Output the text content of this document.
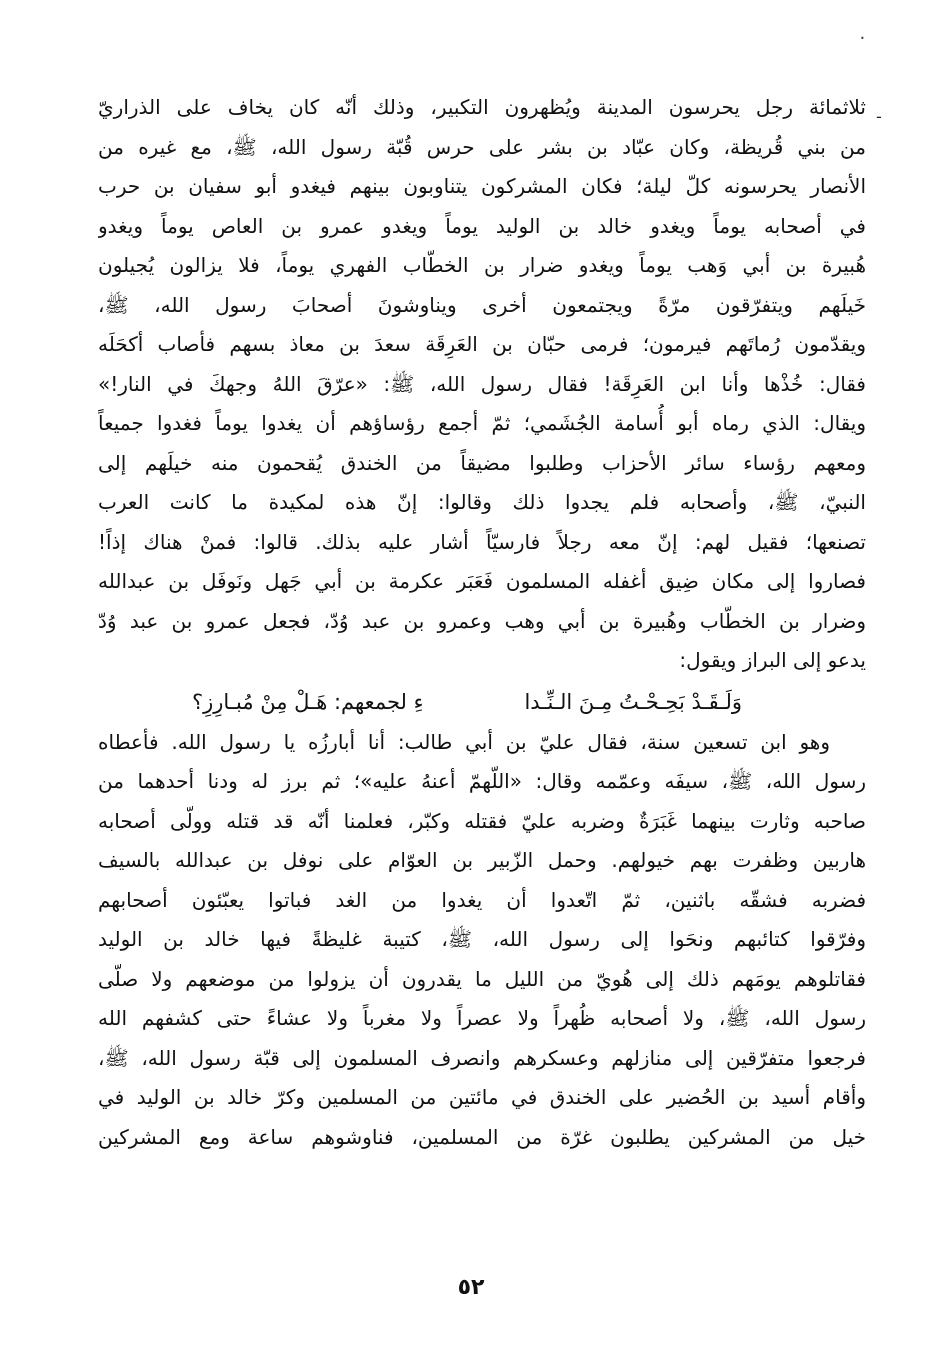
•
-
ثلاثمائة رجل يحرسون المدينة ويُظهرون التكبير، وذلك أنّه كان يخاف على الذراريّ
من بني قُريظة، وكان عبّاد بن بشر على حرس قُبّة رسول الله، ﷺ، مع غيره من
الأنصار يحرسونه كلّ ليلة؛ فكان المشركون يتناوبون بينهم فيغدو أبو سفيان بن حرب
في أصحابه يوماً ويغدو خالد بن الوليد يوماً ويغدو عمرو بن العاص يوماً ويغدو
هُبيرة بن أبي وَهب يوماً ويغدو ضرار بن الخطّاب الفهري يوماً، فلا يزالون يُجيلون
خَيلَهم ويتفرّقون مرّةً ويجتمعون أخرى ويناوشونَ أصحابَ رسول الله، ﷺ،
ويقدّمون رُماتَهم فيرمون؛ فرمى حبّان بن العَرِقَة سعدَ بن معاذ بسهم فأصاب أكحَلَه
فقال: خُذْها وأنا ابن العَرِقَة! فقال رسول الله، ﷺ: «عرّقَ اللهُ وجهكَ في النار!»
ويقال: الذي رماه أبو أُسامة الجُشَمي؛ ثمّ أجمع رؤساؤهم أن يغدوا يوماً فغدوا جميعاً
ومعهم رؤساء سائر الأحزاب وطلبوا مضيقاً من الخندق يُقحمون منه خيلَهم إلى
النبيّ، ﷺ، وأصحابه فلم يجدوا ذلك وقالوا: إنّ هذه لمكيدة ما كانت العرب
تصنعها؛ فقيل لهم: إنّ معه رجلاً فارسيّاً أشار عليه بذلك. قالوا: فمنْ هناك إذاً!
فصاروا إلى مكان ضِيق أغفله المسلمون فَعَبَر عكرمة بن أبي جَهل ونَوفَل بن عبدالله
وضرار بن الخطّاب وهُبيرة بن أبي وهب وعمرو بن عبد وُدّ، فجعل عمرو بن عبد وُدّ
يدعو إلى البراز ويقول:
وَلَـقَـدْ بَحِـحْـتُ مِـنَ الـنِّـدا
ءِ لجمعهم: هَـلْ مِنْ مُبـارِزِ؟
وهو ابن تسعين سنة، فقال عليّ بن أبي طالب: أنا أبارزُه يا رسول الله. فأعطاه
رسول الله، ﷺ، سيفَه وعمّمه وقال: «اللّهمّ أعنهُ عليه»؛ ثم برز له ودنا أحدهما من
صاحبه وثارت بينهما غَبَرَةٌ وضربه عليّ فقتله وكبّر، فعلمنا أنّه قد قتله وولّى أصحابه
هاربين وظفرت بهم خيولهم. وحمل الزّبير بن العوّام على نوفل بن عبدالله بالسيف
فضربه فشقّه باثنين، ثمّ اتّعدوا أن يغدوا من الغد فباتوا يعبّئون أصحابهم
وفرّقوا كتائبهم ونحَوا إلى رسول الله، ﷺ، كتيبة غليظةً فيها خالد بن الوليد
فقاتلوهم يومَهم ذلك إلى هُويّ من الليل ما يقدرون أن يزولوا من موضعهم ولا صلّى
رسول الله، ﷺ، ولا أصحابه ظُهراً ولا عصراً ولا مغرباً ولا عشاءً حتى كشفهم الله
فرجعوا متفرّقين إلى منازلهم وعسكرهم وانصرف المسلمون إلى قبّة رسول الله، ﷺ،
وأقام أسيد بن الحُضير على الخندق في مائتين من المسلمين وكرّ خالد بن الوليد في
خيل من المشركين يطلبون غرّة من المسلمين، فناوشوهم ساعة ومع المشركين
٥٢
